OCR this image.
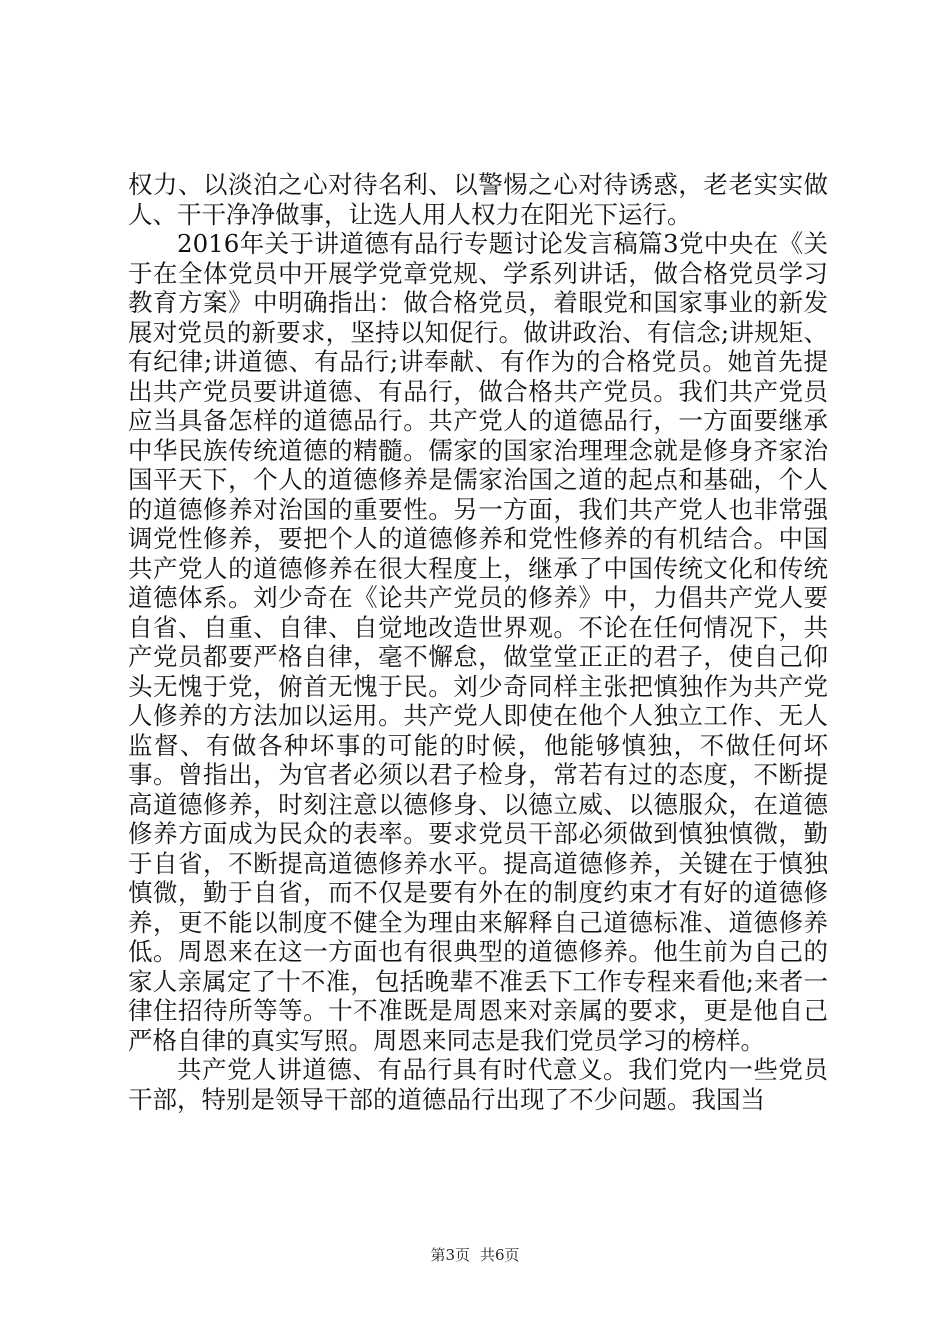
权力、以淡泊之心对待名利、以警惕之心对待诱惑，老老实实做人、干干净净做事，让选人用人权力在阳光下运行。

2016年关于讲道德有品行专题讨论发言稿篇3党中央在《关于在全体党员中开展学党章党规、学系列讲话，做合格党员学习教育方案》中明确指出：做合格党员，着眼党和国家事业的新发展对党员的新要求，坚持以知促行。做讲政治、有信念;讲规矩、有纪律;讲道德、有品行;讲奉献、有作为的合格党员。她首先提出共产党员要讲道德、有品行，做合格共产党员。我们共产党员应当具备怎样的道德品行。共产党人的道德品行，一方面要继承中华民族传统道德的精髓。儒家的国家治理理念就是修身齐家治国平天下，个人的道德修养是儒家治国之道的起点和基础，个人的道德修养对治国的重要性。另一方面，我们共产党人也非常强调党性修养，要把个人的道德修养和党性修养的有机结合。中国共产党人的道德修养在很大程度上，继承了中国传统文化和传统道德体系。刘少奇在《论共产党员的修养》中，力倡共产党人要自省、自重、自律、自觉地改造世界观。不论在任何情况下，共产党员都要严格自律，毫不懈怠，做堂堂正正的君子，使自己仰头无愧于党，俯首无愧于民。刘少奇同样主张把慎独作为共产党人修养的方法加以运用。共产党人即使在他个人独立工作、无人监督、有做各种坏事的可能的时候，他能够慎独，不做任何坏事。曾指出，为官者必须以君子检身，常若有过的态度，不断提高道德修养，时刻注意以德修身、以德立威、以德服众，在道德修养方面成为民众的表率。要求党员干部必须做到慎独慎微，勤于自省，不断提高道德修养水平。提高道德修养，关键在于慎独慎微，勤于自省，而不仅是要有外在的制度约束才有好的道德修养，更不能以制度不健全为理由来解释自己道德标准、道德修养低。周恩来在这一方面也有很典型的道德修养。他生前为自己的家人亲属定了十不准，包括晚辈不准丢下工作专程来看他;来者一律住招待所等等。十不准既是周恩来对亲属的要求，更是他自己严格自律的真实写照。周恩来同志是我们党员学习的榜样。

共产党人讲道德、有品行具有时代意义。我们党内一些党员干部，特别是领导干部的道德品行出现了不少问题。我国当

第3页 共6页
